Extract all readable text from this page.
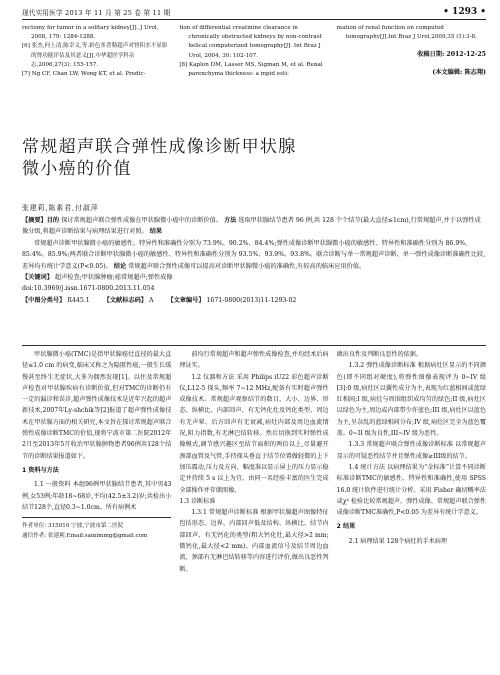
现代实用医学 2013 年 11 月 第 25 卷 第 11 期	• 1293 •
rectomy for tumor in a solitary kidney[J]. J Urol, 2008, 179: 1284-1288.
[6] 张杰,何上清,陈幸义,等.彩色多普勒超声对肾积水不显影的肾功能评估及其意义[J].中华超医学科杂志,2006,27(3): 155-157.
[7] Ng CF, Chan LW, Wong KT, et al. Predic-
tion of differential creatinine clearance in chronically obstructed kidneys by non-contrast helical computerized tomography[J]. Int Braz J Urol, 2004, 30: 102-107.
[8] Kaplon DM, Lasser MS, Sigman M, et al. Renal parenchyma thickness: a mpid esti-
mation of renal function on computed tomography[J].Int Braz J Urol,2009,35 (1):3-8.
收稿日期: 2012-12-25
(本文编辑: 陈志翔)
常规超声联合弹性成像诊断甲状腺
微小癌的价值
张建莉,陈素君,付淑萍

【摘要】目的 探讨常规超声联合弹性成像在甲状腺微小癌中的诊断价值。 方法 选取甲状腺结节患者 96 例,共 128 个个结节(最大直径≤1cm),行常规超声,并于以弹性成像分级,将超声诊断结果与病理结果进行对照。 结果

常规超声诊断甲状腺微小癌的敏感性、特异性和准确性分别为 73.9%、90.2%、84.4%;弹性成像诊断甲状腺微小癌的敏感性、特异性和准确性分别为 86.9%、85.4%、85.9%;两者联合诊断甲状腺微小癌的敏感性、特异性和准确性分别为 93.5%、93.9%、93.8%。联合诊断与单一常规超声诊断、单一弹性成像诊断准确性比较,差异均有统计学意义(P<0.05)。 结论 常规超声联合弹性成像可以提高对诊断甲状腺微小癌的准确性,有较高的临床应用价值。

【关键词】 超声检查;甲状腺肿瘤;癌常规超声;弹性成像

doi:10.3969/j.issn.1671-0800.2013.11.054

【中图分类号】 R445.1 【文献标志码】 A 【文章编号】 1671-0800(2013)11-1293-02

甲状腺微小癌(TMC)是指甲状腺癌灶直径的最大直径≤1.0 cm 的病变,临床又称之为隐匿性癌,一般生长缓慢甚至终生无症状,大多为偶然发现[1]。以往及常规超声检查对甲状腺疾病有诊断价值,但对TMC的诊断仍有一定的漏诊和误诊,超声弹性成像技术是近年兴起的超声新技术,2007年Ly-shchik等[2]报道了超声弹性成像技术在甲状腺方面的相关研究,本文旨在探讨常规超声联合弹性成像诊断TMC的价值,现将宁波市第二医院2012年2月至2013年5月收治甲状腺肿物患者96例共128个结节的诊断结果报道如下。

1 资料与方法

1.1 一般资料 本组96例甲状腺结节患者,其中男43例,女53例;年龄18~68岁,平均(42.5±3.2)岁;共检出小结节128个,直径0.3~1.0cm。所有病例术

作者单位: 315010 宁波,宁波市第二医院

通信作者: 张建莉,Email:sainimmg@gmail.com

前均行常规超声和超声弹性成像检查,并均经术后病理证实。

1.2 仪器和方法 采用 Philips iU22 彩色超声诊断仪,L12-5 探头,频率 7~12 MHz,配备有实时超声弹性成像技术。常规超声观察结节的数目、大小、边界、形态、纵横比、内部回声、有无钙化灶及钙化类型、周边有无声晕、后方回声有无衰减,病灶内部及周边血流情况,阻力指数,有无淋巴结转移。然后切换到实时弹性成像模式,调节感兴趣区至结节面积的两倍以上,尽量避开颈部血管及气管,手持探头垂直于结节位置做轻微的上下加压震动,压力及方向、幅度准以显示屏上的压力显示稳定并持续 5 s 以上为宜。由同一名经验丰富的医生完成全部操作并存储图像。

1.3 诊断标准

1.3.1 常规超声诊断标准 根据甲状腺超声图像特征包括形态、边界、内部回声低及结构、纵横比、结节内部回声、有无钙化的类型(粗大钙化灶,最大径>2 mm;微钙化,最大径<2 mm)、内部血流信号及结节周边血流、颈部有无淋巴结转移等内容进行评价,做出良恶性判断。

做出良性及判断良恶性的依据。

1.3.2 弹性成像诊断标准 根据病灶区显示的不同颜色(即不同组对硬度),将弹性图像表现评为 0~IV 级[3]:0 级,病灶区以囊性成分为主,表现为红蓝相间或蓝绿红相间;I 级,病灶与周围组织成均匀的绿色;II 级,病灶区以绿色为主,周边或内部带少许蓝色;III 级,病灶区以蓝色为主,呈杂乱的蓝绿相间分布;IV 级,病灶区完全为蓝色覆盖。0~II 级为良性,III~IV 级为恶性。

1.3.3 常规超声联合弹性成像诊断标准 以常规超声显示的可疑恶性结节并且弹性成像≥III级的结节。

1.4 统计方法 以病理结果为“金标准”计算不同诊断标准诊断TMC的敏感性、特异性和准确性,使用 SPSS 16.0 统计软件进行统计分析。采用 Fisher 确切概率法或χ² 检验比较常规超声、弹性成像、常规超声联合弹性成像诊断TMC准确性,P<0.05 为差异有统计学意义。

2 结果

2.1 病理结果 128个病灶的手术病理
